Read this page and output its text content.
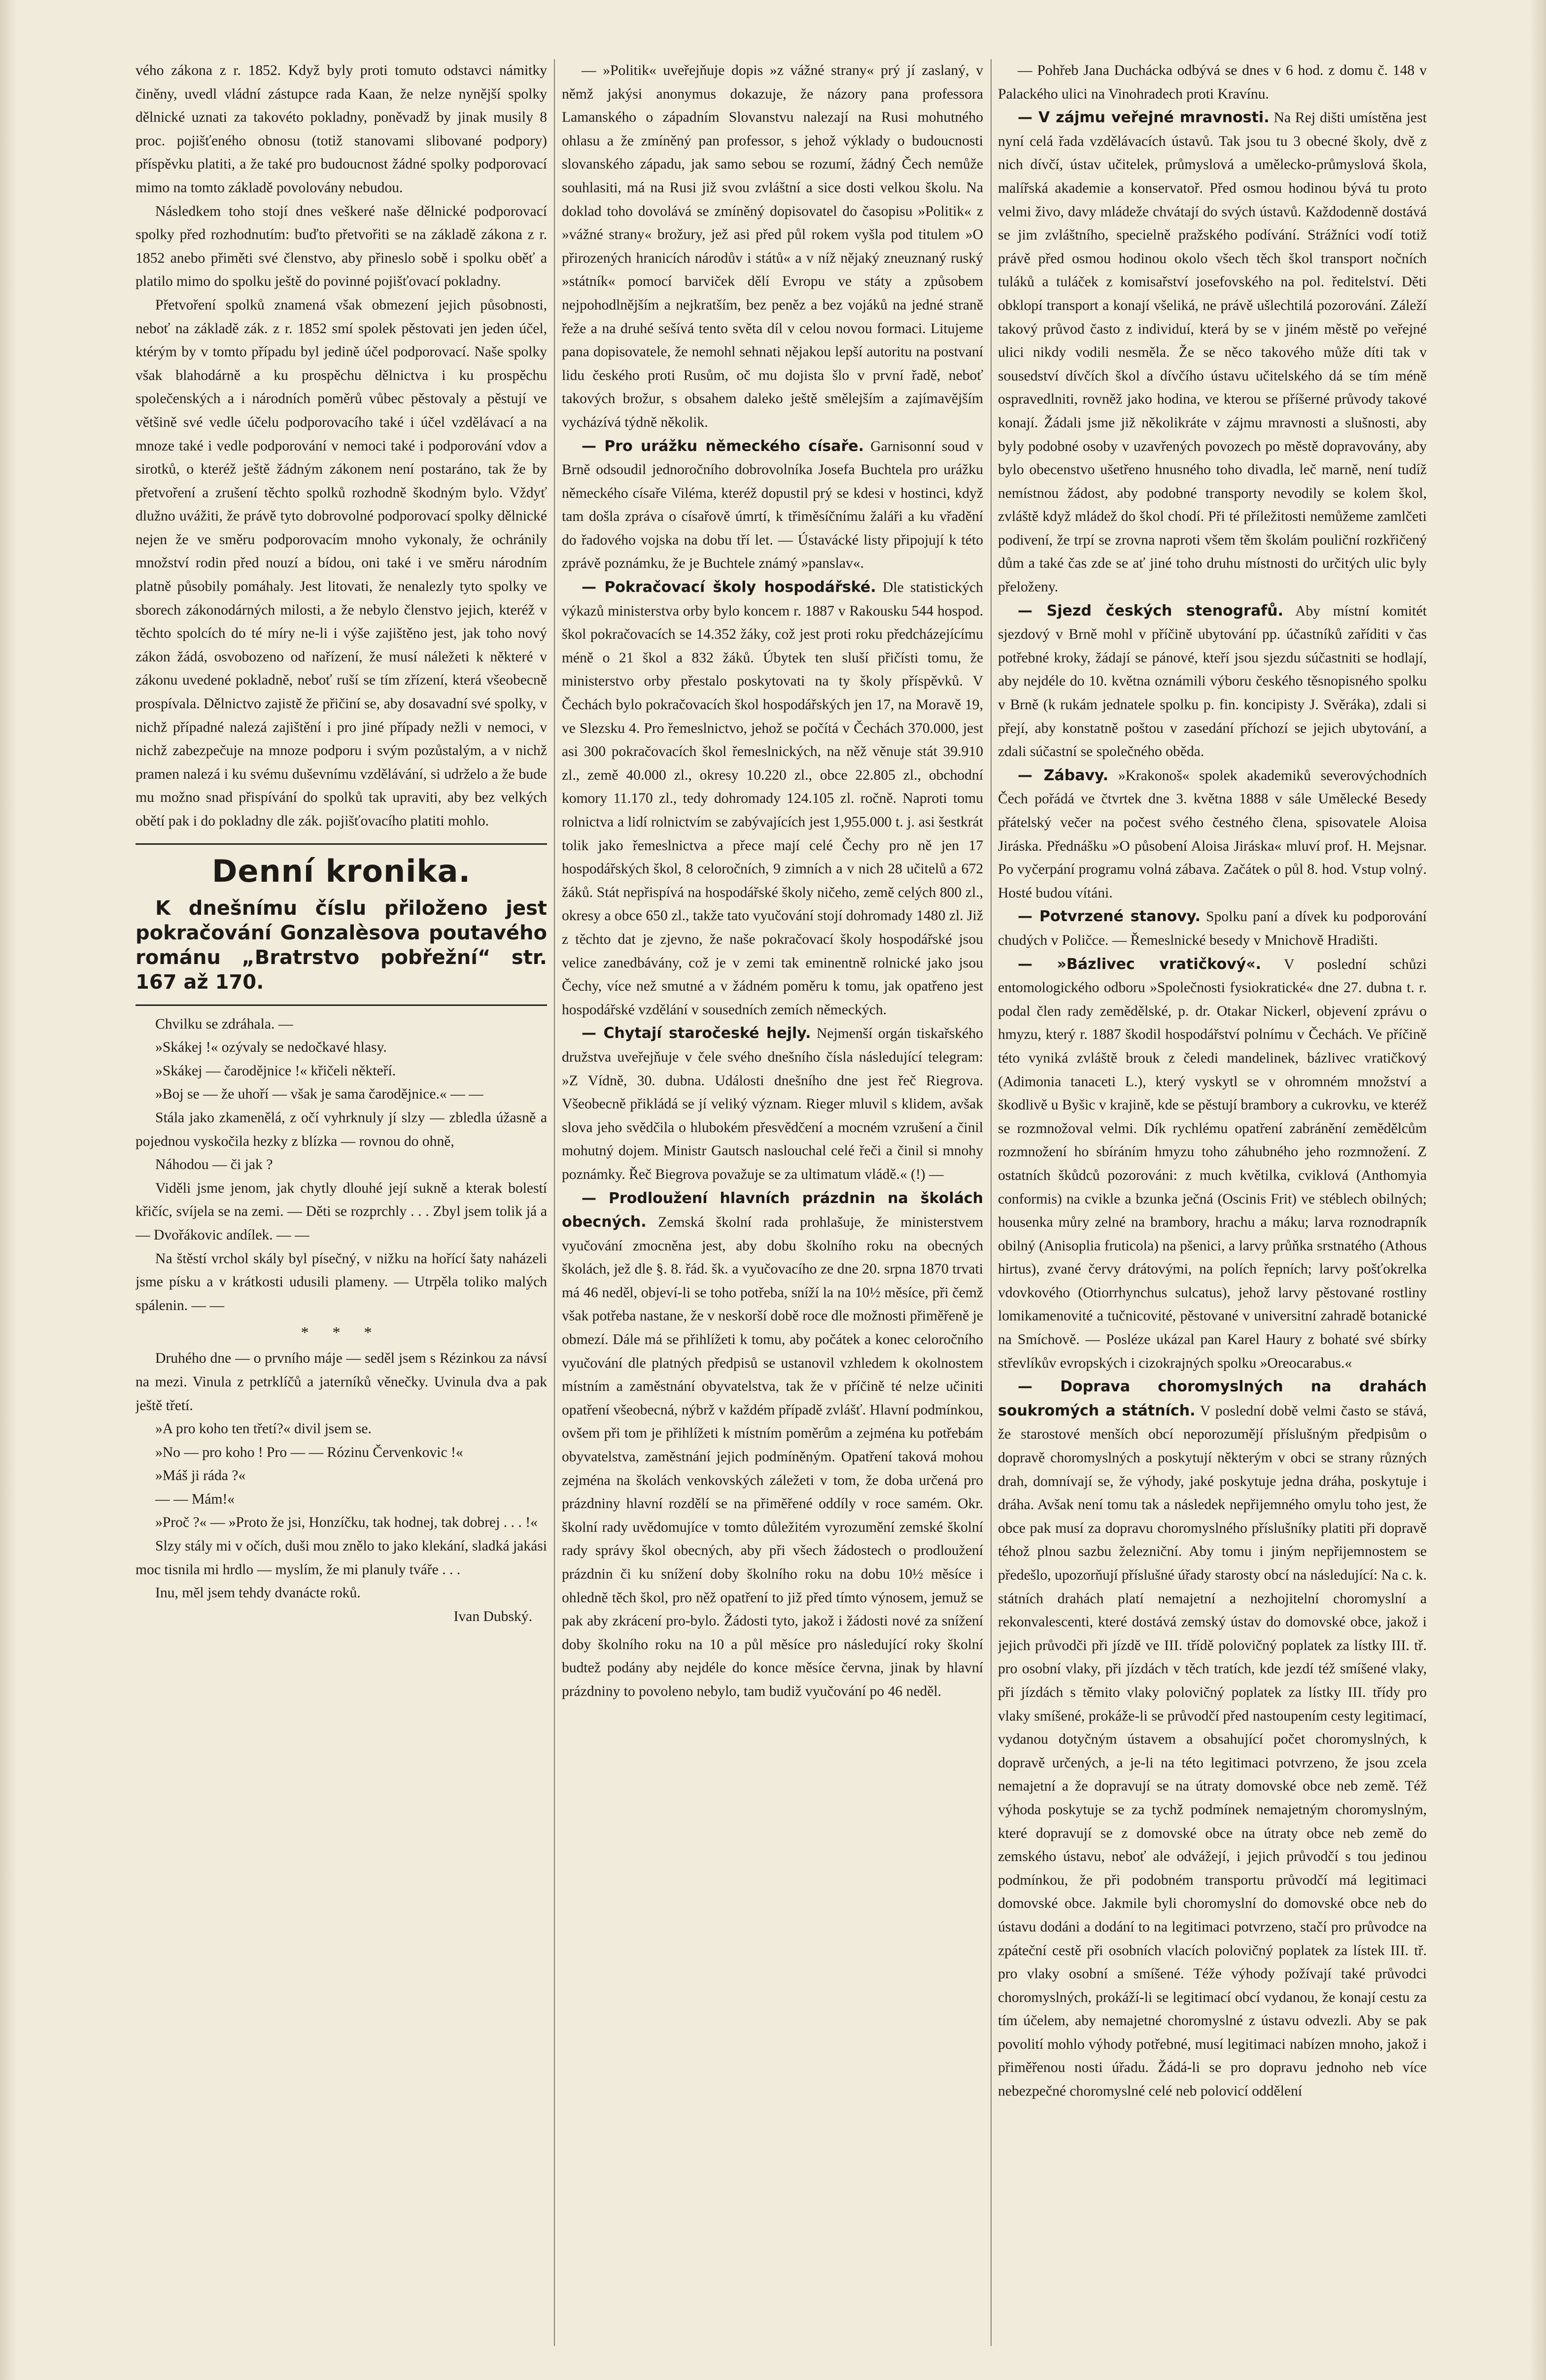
vého zákona z r. 1852. Když byly proti tomuto odstavci námitky činěny, uvedl vládní zástupce rada Kaan, že nelze nynější spolky dělnické uznati za takovéto pokladny, poněvadž by jinak musily 8 proc. pojišťeného obnosu (totiž stanovami slibované podpory) příspěvku platiti, a že také pro budoucnost žádné spolky podporovací mimo na tomto základě povolovány nebudou.

Následkem toho stojí dnes veškeré naše dělnické podporovací spolky před rozhodnutím: buďto přetvořiti se na základě zákona z r. 1852 anebo přiměti své členstvo, aby přineslo sobě i spolku oběť a platilo mimo do spolku ještě do povinné pojišťovací pokladny.

Přetvoření spolků znamená však obmezení jejich působnosti, neboť na základě zák. z r. 1852 smí spolek pěstovati jen jeden účel, ktérým by v tomto případu byl jedině účel podporovací. Naše spolky však blahodárně a ku prospěchu dělnictva i ku prospěchu společenských a i národních poměrů vůbec pěstovaly a pěstují ve většině své vedle účelu podporovacího také i účel vzdělávací a na mnoze také i vedle podporování v nemoci také i podporování vdov a sirotků, o kteréž ještě žádným zákonem není postaráno, tak že by přetvoření a zrušení těchto spolků rozhodně škodným bylo. Vždyť dlužno uvážiti, že právě tyto dobrovolné podporovací spolky dělnické nejen že ve směru podporovacím mnoho vykonaly, že ochránily množství rodin před nouzí a bídou, oni také i ve směru národním platně působily pomáhaly. Jest litovati, že nenalezly tyto spolky ve sborech zákonodárných milosti, a že nebylo členstvo jejich, kteréž v těchto spolcích do té míry ne-li i výše zajištěno jest, jak toho nový zákon žádá, osvobozeno od nařízení, že musí náležeti k některé v zákonu uvedené pokladně, neboť ruší se tím zřízení, která všeobecně prospívala. Dělnictvo zajistě že přičiní se, aby dosavadní své spolky, v nichž případné nalezá zajištění i pro jiné případy nežli v nemoci, v nichž zabezpečuje na mnoze podporu i svým pozůstalým, a v nichž pramen nalezá i ku svému duševnímu vzdělávání, si udrželo a že bude mu možno snad přispívání do spolků tak upraviti, aby bez velkých obětí pak i do pokladny dle zák. pojišťovacího platiti mohlo.

Denní kronika.
K dnešnímu číslu přiloženo jest pokračování Gonzalèsova poutavého románu „Bratrstvo pobřežní“ str. 167 až 170.

Chvilku se zdráhala. —

»Skákej !« ozývaly se nedočkavé hlasy.

»Skákej — čarodějnice !« křičeli někteří.

»Boj se — že uhoří — však je sama čarodějnice.« — —

Stála jako zkamenělá, z očí vyhrknuly jí slzy — zbledla úžasně a pojednou vyskočila hezky z blízka — rovnou do ohně,

Náhodou — či jak ?

Viděli jsme jenom, jak chytly dlouhé její sukně a kterak bolestí křičíc, svíjela se na zemi. — Děti se rozprchly . . . Zbyl jsem tolik já a — Dvořákovic andílek. — —

Na štěstí vrchol skály byl písečný, v nižku na hořící šaty naházeli jsme písku a v krátkosti udusili plameny. — Utrpěla toliko malých spálenin. — —

* * *

Druhého dne — o prvního máje — seděl jsem s Rézinkou za návsí na mezi. Vinula z petrklíčů a jaterníků věnečky. Uvinula dva a pak ještě třetí.

»A pro koho ten třetí?« divil jsem se.

»No — pro koho ! Pro — — Rózinu Červenkovic !«

»Máš ji ráda ?«

— — Mám!«

»Proč ?« — »Proto že jsi, Honzíčku, tak hodnej, tak dobrej . . . !«

Slzy stály mi v očích, duši mou znělo to jako klekání, sladká jakási moc tisnila mi hrdlo — myslím, že mi planuly tváře . . .

Inu, měl jsem tehdy dvanácte roků.

Ivan Dubský.

— »Politik« uveřejňuje dopis »z vážné strany« prý jí zaslaný, v němž jakýsi anonymus dokazuje, že názory pana professora Lamanského o západním Slovanstvu nalezají na Rusi mohutného ohlasu a že zmíněný pan professor, s jehož výklady o budoucnosti slovanského západu, jak samo sebou se rozumí, žádný Čech nemůže souhlasiti, má na Rusi již svou zvláštní a sice dosti velkou školu. Na doklad toho dovolává se zmíněný dopisovatel do časopisu »Politik« z »vážné strany« brožury, jež asi před půl rokem vyšla pod titulem »O přirozených hranicích národův i států« a v níž nějaký zneuznaný ruský »státník« pomocí barviček dělí Evropu ve státy a způsobem nejpohodlnějším a nejkratším, bez peněz a bez vojáků na jedné straně řeže a na druhé sešívá tento světa díl v celou novou formaci. Litujeme pana dopisovatele, že nemohl sehnati nějakou lepší autoritu na postvaní lidu českého proti Rusům, oč mu dojista šlo v první řadě, neboť takových brožur, s obsahem daleko ještě smělejším a zajímavějším vycházívá týdně několik.

— Pro urážku německého císaře. Garnisonní soud v Brně odsoudil jednoročního dobrovolníka Josefa Buchtela pro urážku německého císaře Viléma, kteréž dopustil prý se kdesi v hostinci, když tam došla zpráva o císařově úmrtí, k třiměsíčnímu žaláři a ku vřadění do řadového vojska na dobu tří let. — Ústavácké listy připojují k této zprávě poznámku, že je Buchtele známý »panslav«.

— Pokračovací školy hospodářské. Dle statistických výkazů ministerstva orby bylo koncem r. 1887 v Rakousku 544 hospod. škol pokračovacích se 14.352 žáky, což jest proti roku předcházejícímu méně o 21 škol a 832 žáků. Úbytek ten sluší přičísti tomu, že ministerstvo orby přestalo poskytovati na ty školy příspěvků. V Čechách bylo pokračovacích škol hospodářských jen 17, na Moravě 19, ve Slezsku 4. Pro řemeslnictvo, jehož se počítá v Čechách 370.000, jest asi 300 pokračovacích škol řemeslnických, na něž věnuje stát 39.910 zl., země 40.000 zl., okresy 10.220 zl., obce 22.805 zl., obchodní komory 11.170 zl., tedy dohromady 124.105 zl. ročně. Naproti tomu rolnictva a lidí rolnictvím se zabývajících jest 1,955.000 t. j. asi šestkrát tolik jako řemeslnictva a přece mají celé Čechy pro ně jen 17 hospodářských škol, 8 celoročních, 9 zimních a v nich 28 učitelů a 672 žáků. Stát nepřispívá na hospodářské školy ničeho, země celých 800 zl., okresy a obce 650 zl., takže tato vyučování stojí dohromady 1480 zl. Již z těchto dat je zjevno, že naše pokračovací školy hospodářské jsou velice zanedbávány, což je v zemi tak eminentně rolnické jako jsou Čechy, více než smutné a v žádném poměru k tomu, jak opatřeno jest hospodářské vzdělání v sousedních zemích německých.

— Chytají staročeské hejly. Nejmenší orgán tiskařského družstva uveřejňuje v čele svého dnešního čísla následující telegram: »Z Vídně, 30. dubna. Události dnešního dne jest řeč Riegrova. Všeobecně přikládá se jí veliký význam. Rieger mluvil s klidem, avšak slova jeho svědčila o hlubokém přesvědčení a mocném vzrušení a činil mohutný dojem. Ministr Gautsch naslouchal celé řeči a činil si mnohy poznámky. Řeč Biegrova považuje se za ultimatum vládě.« (!) —

— Prodloužení hlavních prázdnin na školách obecných. Zemská školní rada prohlašuje, že ministerstvem vyučování zmocněna jest, aby dobu školního roku na obecných školách, jež dle §. 8. řád. šk. a vyučovacího ze dne 20. srpna 1870 trvati má 46 neděl, objeví-li se toho potřeba, sníží la na 10½ měsíce, při čemž však potřeba nastane, že v neskorší době roce dle možnosti přiměřeně je obmezí. Dále má se přihlížeti k tomu, aby počátek a konec celoročního vyučování dle platných předpisů se ustanovil vzhledem k okolnostem místním a zaměstnání obyvatelstva, tak že v příčině té nelze učiniti opatření všeobecná, nýbrž v každém případě zvlášť. Hlavní podmínkou, ovšem při tom je přihlížeti k místním poměrům a zejména ku potřebám obyvatelstva, zaměstnání jejich podmíněným. Opatření taková mohou zejména na školách venkovských záležeti v tom, že doba určená pro prázdniny hlavní rozdělí se na přiměřené oddíly v roce samém. Okr. školní rady uvědomujíce v tomto důležitém vyrozumění zemské školní rady správy škol obecných, aby při všech žádostech o prodloužení prázdnin či ku snížení doby školního roku na dobu 10½ měsíce i ohledně těch škol, pro něž opatření to již před tímto výnosem, jemuž se pak aby zkrácení pro-bylo. Žádosti tyto, jakož i žádosti nové za snížení doby školního roku na 10 a půl měsíce pro následující roky školní budtež podány aby nejdéle do konce měsíce června, jinak by hlavní prázdniny to povoleno nebylo, tam budiž vyučování po 46 neděl.

— Pohřeb Jana Duchácka odbývá se dnes v 6 hod. z domu č. 148 v Palackého ulici na Vinohradech proti Kravínu.

— V zájmu veřejné mravnosti. Na Rej dišti umístěna jest nyní celá řada vzdělávacích ústavů. Tak jsou tu 3 obecné školy, dvě z nich dívčí, ústav učitelek, průmyslová a umělecko-průmyslová škola, malířská akademie a konservatoř. Před osmou hodinou bývá tu proto velmi živo, davy mládeže chvátají do svých ústavů. Každodenně dostává se jim zvláštního, specielně pražského podívání. Strážníci vodí totiž právě před osmou hodinou okolo všech těch škol transport nočních tuláků a tuláček z komisařství josefovského na pol. ředitelství. Děti obklopí transport a konají všeliká, ne právě ušlechtilá pozorování. Záleží takový průvod často z individuí, která by se v jiném městě po veřejné ulici nikdy vodili nesměla. Že se něco takového může díti tak v sousedství dívčích škol a dívčího ústavu učitelského dá se tím méně ospravedlniti, rovněž jako hodina, ve kterou se příšerné průvody takové konají. Žádali jsme již několikráte v zájmu mravnosti a slušnosti, aby byly podobné osoby v uzavřených povozech po městě dopravovány, aby bylo obecenstvo ušetřeno hnusného toho divadla, leč marně, není tudíž nemístnou žádost, aby podobné transporty nevodily se kolem škol, zvláště když mládež do škol chodí. Při té příležitosti nemůžeme zamlčeti podivení, že trpí se zrovna naproti všem těm školám pouliční rozkřičený dům a také čas zde se ať jiné toho druhu místnosti do určitých ulic byly přeloženy.

— Sjezd českých stenografů. Aby místní komitét sjezdový v Brně mohl v příčině ubytování pp. účastníků zaříditi v čas potřebné kroky, žádají se pánové, kteří jsou sjezdu súčastniti se hodlají, aby nejdéle do 10. května oznámili výboru českého těsnopisného spolku v Brně (k rukám jednatele spolku p. fin. koncipisty J. Svěráka), zdali si přejí, aby konstatně poštou v zasedání příchozí se jejich ubytování, a zdali súčastní se společného oběda.

— Zábavy. »Krakonoš« spolek akademiků severovýchodních Čech pořádá ve čtvrtek dne 3. května 1888 v sále Umělecké Besedy přátelský večer na počest svého čestného člena, spisovatele Aloisa Jiráska. Přednášku »O působení Aloisa Jiráska« mluví prof. H. Mejsnar. Po vyčerpání programu volná zábava. Začátek o půl 8. hod. Vstup volný. Hosté budou vítáni.

— Potvrzené stanovy. Spolku paní a dívek ku podporování chudých v Poličce. — Řemeslnické besedy v Mnichově Hradišti.

— »Bázlivec vratičkový«. V poslední schůzi entomologického odboru »Společnosti fysiokratické« dne 27. dubna t. r. podal člen rady zemědělské, p. dr. Otakar Nickerl, objevení zprávu o hmyzu, který r. 1887 škodil hospodářství polnímu v Čechách. Ve příčině této vyniká zvláště brouk z čeledi mandelinek, bázlivec vratičkový (Adimonia tanaceti L.), který vyskytl se v ohromném množství a škodlivě u Byšic v krajině, kde se pěstují brambory a cukrovku, ve kteréž se rozmnožoval velmi. Dík rychlému opatření zabránění zemědělcům rozmnožení ho sbíráním hmyzu toho záhubného jeho rozmnožení. Z ostatních škůdců pozorováni: z much květilka, cviklová (Anthomyia conformis) na cvikle a bzunka ječná (Oscinis Frit) ve stéblech obilných; housenka můry zelné na brambory, hrachu a máku; larva roznodrapník obilný (Anisoplia fruticola) na pšenici, a larvy průňka srstnatého (Athous hirtus), zvané červy drátovými, na polích řepních; larvy pošťokrelka vdovkového (Otiorrhynchus sulcatus), jehož larvy pěstované rostliny lomikamenovité a tučnicovité, pěstované v universitní zahradě botanické na Smíchově. — Posléze ukázal pan Karel Haury z bohaté své sbírky střevlíkův evropských i cizokrajných spolku »Oreocarabus.«

— Doprava choromyslných na drahách soukromých a státních. V poslední době velmi často se stává, že starostové menších obcí neporozumějí příslušným předpisům o dopravě choromyslných a poskytují některým v obci se strany různých drah, domnívají se, že výhody, jaké poskytuje jedna dráha, poskytuje i dráha. Avšak není tomu tak a následek nepřijemného omylu toho jest, že obce pak musí za dopravu choromyslného příslušníky platiti při dopravě téhož plnou sazbu železniční. Aby tomu i jiným nepřijemnostem se předešlo, upozorňují příslušné úřady starosty obcí na následující: Na c. k. státních drahách platí nemajetní a nezhojitelní choromyslní a rekonvalescenti, které dostává zemský ústav do domovské obce, jakož i jejich průvodči při jízdě ve III. třídě polovičný poplatek za lístky III. tř. pro osobní vlaky, při jízdách v těch tratích, kde jezdí též smíšené vlaky, při jízdách s těmito vlaky polovičný poplatek za lístky III. třídy pro vlaky smíšené, prokáže-li se průvodčí před nastoupením cesty legitimací, vydanou dotyčným ústavem a obsahující počet choromyslných, k dopravě určených, a je-li na této legitimaci potvrzeno, že jsou zcela nemajetní a že dopravují se na útraty domovské obce neb země. Též výhoda poskytuje se za tychž podmínek nemajetným choromyslným, které dopravují se z domovské obce na útraty obce neb země do zemského ústavu, neboť ale odvážejí, i jejich průvodčí s tou jedinou podmínkou, že při podobném transportu průvodčí má legitimaci domovské obce. Jakmile byli choromyslní do domovské obce neb do ústavu dodáni a dodání to na legitimaci potvrzeno, stačí pro průvodce na zpáteční cestě při osobních vlacích polovičný poplatek za lístek III. tř. pro vlaky osobní a smíšené. Téže výhody požívají také průvodci choromyslných, prokáží-li se legitimací obcí vydanou, že konají cestu za tím účelem, aby nemajetné choromyslné z ústavu odvezli. Aby se pak povolití mohlo výhody potřebné, musí legitimaci nabízen mnoho, jakož i přiměřenou nosti úřadu. Žádá-li se pro dopravu jednoho neb více nebezpečné choromyslné celé neb polovicí oddělení
